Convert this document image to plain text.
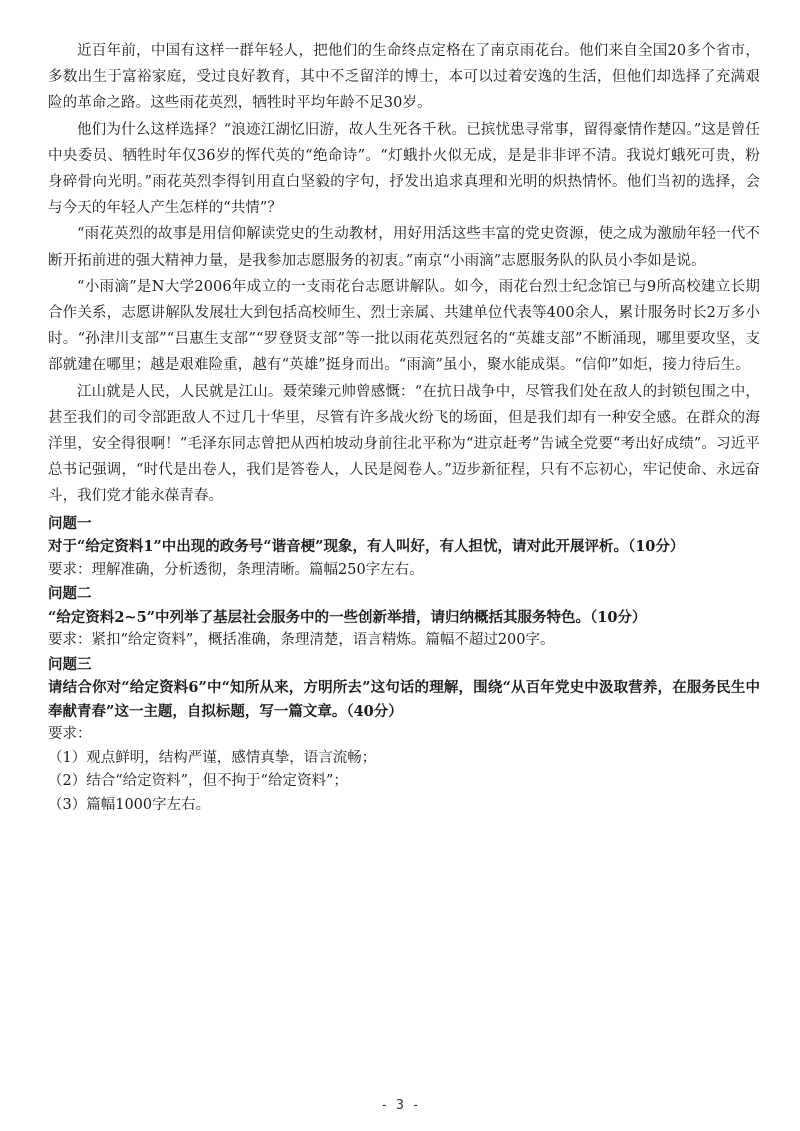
近百年前，中国有这样一群年轻人，把他们的生命终点定格在了南京雨花台。他们来自全国20多个省市，多数出生于富裕家庭，受过良好教育，其中不乏留洋的博士，本可以过着安逸的生活，但他们却选择了充满艰险的革命之路。这些雨花英烈，牺牲时平均年龄不足30岁。

他们为什么这样选择？“浪迹江湖忆旧游，故人生死各千秋。已摈忧患寻常事，留得豪情作楚囚。”这是曾任中央委员、牺牲时年仅36岁的恽代英的“绝命诗”。“灯蛾扑火似无成，是是非非评不清。我说灯蛾死可贵，粉身碎骨向光明。”雨花英烈李得钊用直白坚毅的字句，抒发出追求真理和光明的炽热情怀。他们当初的选择，会与今天的年轻人产生怎样的“共情”？

“雨花英烈的故事是用信仰解读党史的生动教材，用好用活这些丰富的党史资源，使之成为激励年轻一代不断开拓前进的强大精神力量，是我参加志愿服务的初衷。”南京“小雨滴”志愿服务队的队员小李如是说。

“小雨滴”是N大学2006年成立的一支雨花台志愿讲解队。如今，雨花台烈士纪念馆已与9所高校建立长期合作关系，志愿讲解队发展壮大到包括高校师生、烈士亲属、共建单位代表等400余人，累计服务时长2万多小时。“孙津川支部”“吕惠生支部”“罗登贤支部”等一批以雨花英烈冠名的“英雄支部”不断涌现，哪里要攻坚，支部就建在哪里；越是艰难险重，越有“英雄”挺身而出。“雨滴”虽小，聚水能成渠。“信仰”如炬，接力待后生。

江山就是人民，人民就是江山。聂荣臻元帅曾感慨：“在抗日战争中，尽管我们处在敌人的封锁包围之中，甚至我们的司令部距敌人不过几十华里，尽管有许多战火纷飞的场面，但是我们却有一种安全感。在群众的海洋里，安全得很啊！”毛泽东同志曾把从西柏坡动身前往北平称为“进京赶考”告诫全党要“考出好成绩”。习近平总书记强调，“时代是出卷人，我们是答卷人，人民是阅卷人。”迈步新征程，只有不忘初心，牢记使命、永远奋斗，我们党才能永葆青春。

问题一

对于“给定资料1”中出现的政务号“谐音梗”现象，有人叫好，有人担忧，请对此开展评析。（10分）

要求：理解准确，分析透彻，条理清晰。篇幅250字左右。

问题二

“给定资料2~5”中列举了基层社会服务中的一些创新举措，请归纳概括其服务特色。（10分）

要求：紧扣“给定资料”，概括准确，条理清楚，语言精炼。篇幅不超过200字。

问题三

请结合你对“给定资料6”中“知所从来，方明所去”这句话的理解，围绕“从百年党史中汲取营养，在服务民生中奉献青春”这一主题，自拟标题，写一篇文章。（40分）

要求：

（1）观点鲜明，结构严谨，感情真挚，语言流畅；

（2）结合“给定资料”，但不拘于“给定资料”；

（3）篇幅1000字左右。

- 3 -
